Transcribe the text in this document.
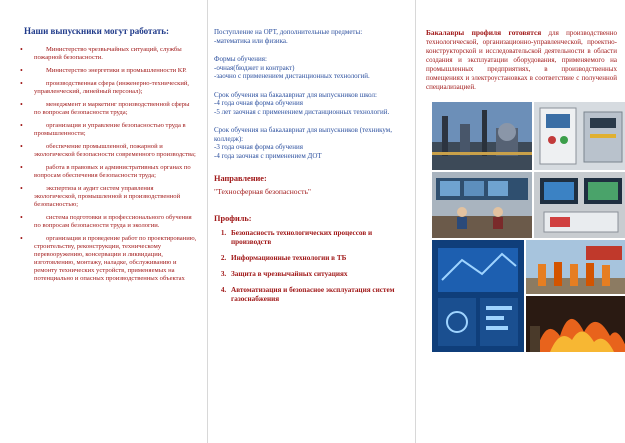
Наши выпускники могут работать:
• Министерство чрезвычайных ситуаций, службы пожарной безопасности.
• Министерство энергетики и промышленности КР.
• производственная сфера (инженерно-технический, управленческий, линейный персонал);
• менеджмент и маркетинг производственной сферы по вопросам безопасности труда;
• организация и управление безопасностью труда в промышленности;
• обеспечение промышленной, пожарной и экологической безопасности современного производства;
• работа в правовых и административных органах по вопросам обеспечения безопасности труда;
• экспертиза и аудит систем управления экологической, промышленной и производственной безопасностью;
• система подготовки и профессионального обучения по вопросам безопасности труда и экологии.
• организация и проведение работ по проектированию, строительству, реконструкции, техническому перевооружению, консервации и ликвидации, изготовлению, монтажу, наладке, обслуживанию и ремонту технических устройств, применяемых на потенциально и опасных производственных объектах
Поступление на ОРТ, дополнительные предметы:
-математика или физика.
Формы обучения:
-очная(бюджет и контракт)
-заочно с применением дистанционных технологий.
Срок обучения на бакалавриат для выпускников школ:
-4 года очная форма обучения
-5 лет заочная с применением дистанционных технологий.
Срок обучения на бакалавриат для выпускников (техникум, колледж):
-3 года очная форма обучения
-4 года заочная с применением ДОТ
Направление:
"Техносферная безопасность"
Профиль:
1. Безопасность технологических процессов и производств
2. Информационные технологии в ТБ
3. Защита в чрезвычайных ситуациях
4. Автоматизация и безопасное эксплуатация систем газоснабжения
Бакалавры профиля готовятся для производственно технологической, организационно-управленческой, проектно-конструкторской и исследовательской деятельности в области создания и эксплуатации оборудования, применяемого на промышленных предприятиях, в производственных помещениях и электроустановках в соответствие с полученной специализацией.
